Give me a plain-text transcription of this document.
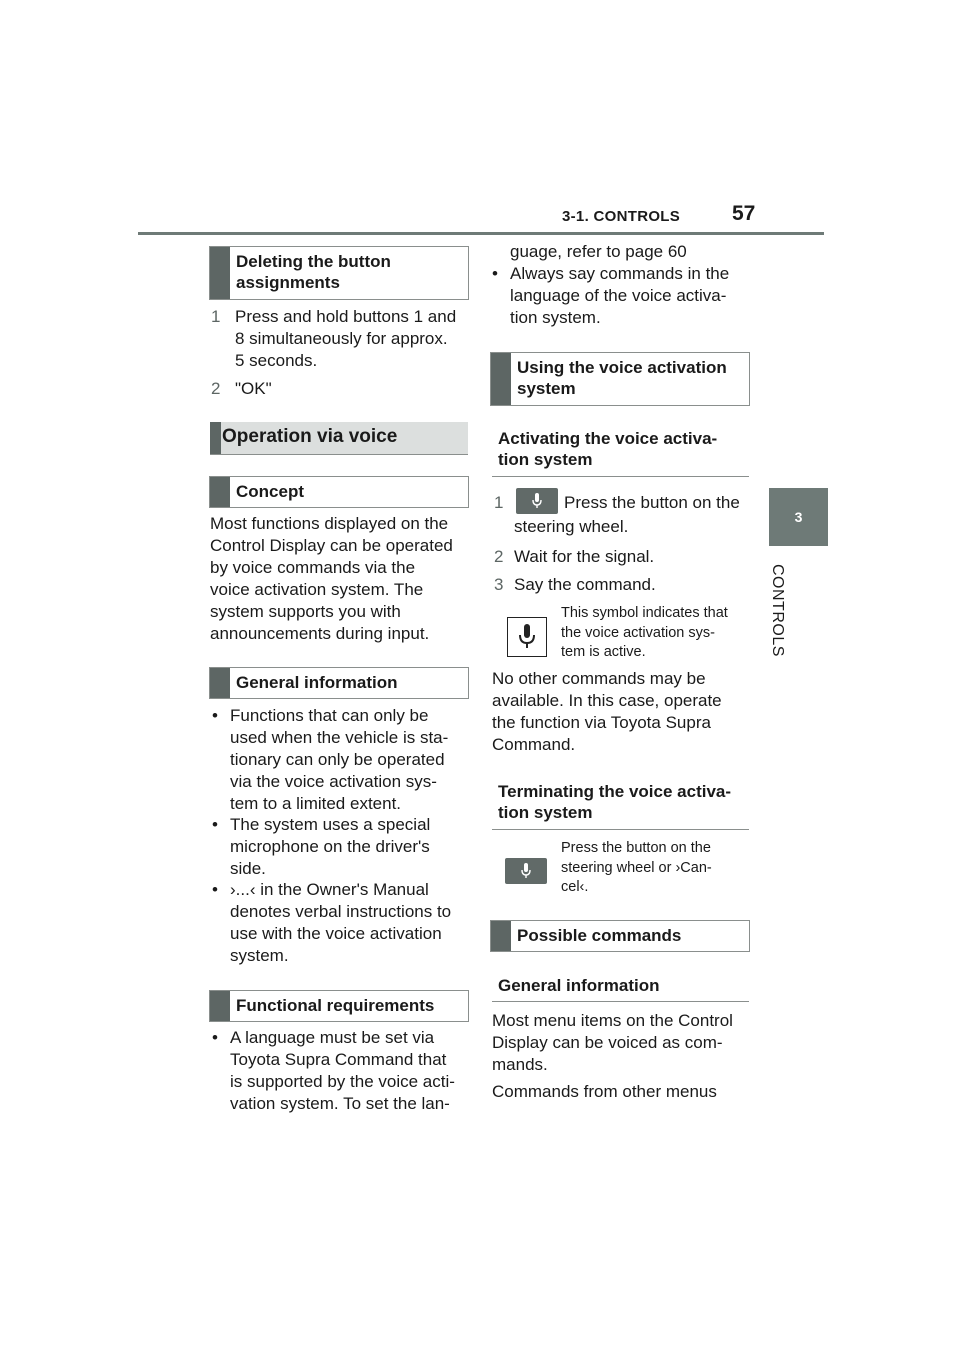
3-1. CONTROLS 57
3
CONTROLS
Deleting the button
assignments
1 Press and hold buttons 1 and
8 simultaneously for approx.
5 seconds.
2 "OK"
Operation via voice
Concept
Most functions displayed on the
Control Display can be operated
by voice commands via the
voice activation system. The
system supports you with
announcements during input.
General information
• Functions that can only be
used when the vehicle is sta-
tionary can only be operated
via the voice activation sys-
tem to a limited extent.
• The system uses a special
microphone on the driver's
side.
• ›...‹ in the Owner's Manual
denotes verbal instructions to
use with the voice activation
system.
Functional requirements
• A language must be set via
Toyota Supra Command that
is supported by the voice acti-
vation system. To set the lan-
guage, refer to page 60
• Always say commands in the
language of the voice activa-
tion system.
Using the voice activation
system
Activating the voice activa-
tion system
1	Press the button on the
steering wheel.
2 Wait for the signal.
3 Say the command.
This symbol indicates that
the voice activation sys-
tem is active.
No other commands may be
available. In this case, operate
the function via Toyota Supra
Command.
Terminating the voice activa-
tion system
Press the button on the
steering wheel or ›Can-
cel‹.
Possible commands
General information
Most menu items on the Control
Display can be voiced as com-
mands.
Commands from other menus
